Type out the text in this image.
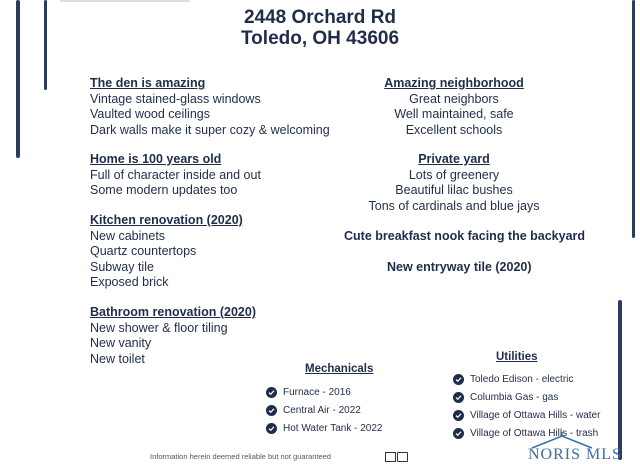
2448 Orchard Rd
Toledo, OH 43606
The den is amazing
Vintage stained-glass windows
Vaulted wood ceilings
Dark walls make it super cozy & welcoming
Home is 100 years old
Full of character inside and out
Some modern updates too
Kitchen renovation (2020)
New cabinets
Quartz countertops
Subway tile
Exposed brick
Bathroom renovation (2020)
New shower & floor tiling
New vanity
New toilet
Amazing neighborhood
Great neighbors
Well maintained, safe
Excellent schools
Private yard
Lots of greenery
Beautiful lilac bushes
Tons of cardinals and blue jays
Cute breakfast nook facing the backyard
New entryway tile (2020)
Mechanicals
Furnace - 2016
Central Air - 2022
Hot Water Tank - 2022
Utilities
Toledo Edison - electric
Columbia Gas - gas
Village of Ottawa Hills - water
Village of Ottawa Hills - trash
Information herein deemed reliable but not guaranteed	NORIS MLS
